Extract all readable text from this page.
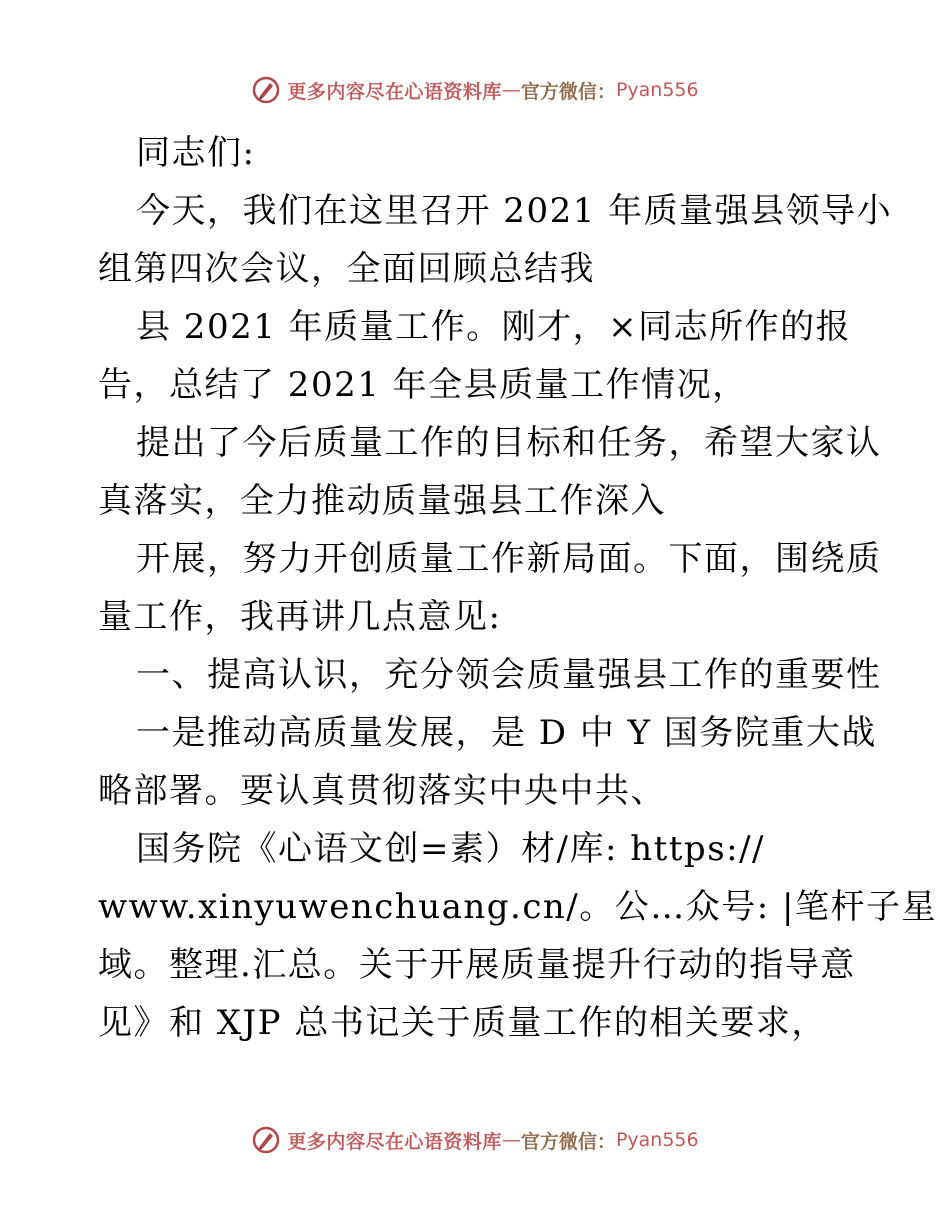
更多内容尽在心语资料库 — 官方微信： Pyan556
同志们:
今天，我们在这里召开 2021 年质量强县领导小
组第四次会议，全面回顾总结我
县 2021 年质量工作。刚才，×同志所作的报
告，总结了 2021 年全县质量工作情况，
提出了今后质量工作的目标和任务，希望大家认
真落实，全力推动质量强县工作深入
开展，努力开创质量工作新局面。下面，围绕质
量工作，我再讲几点意见:
一、提高认识，充分领会质量强县工作的重要性
一是推动高质量发展，是 D 中 Y 国务院重大战
略部署。要认真贯彻落实中央中共、
国务院《心语文创=素）材/库: https://
www.xinyuwenchuang.cn/。公…众号: |笔杆子星
域。整理.汇总。关于开展质量提升行动的指导意
见》和 XJP 总书记关于质量工作的相关要求，
更多内容尽在心语资料库 — 官方微信： Pyan556
